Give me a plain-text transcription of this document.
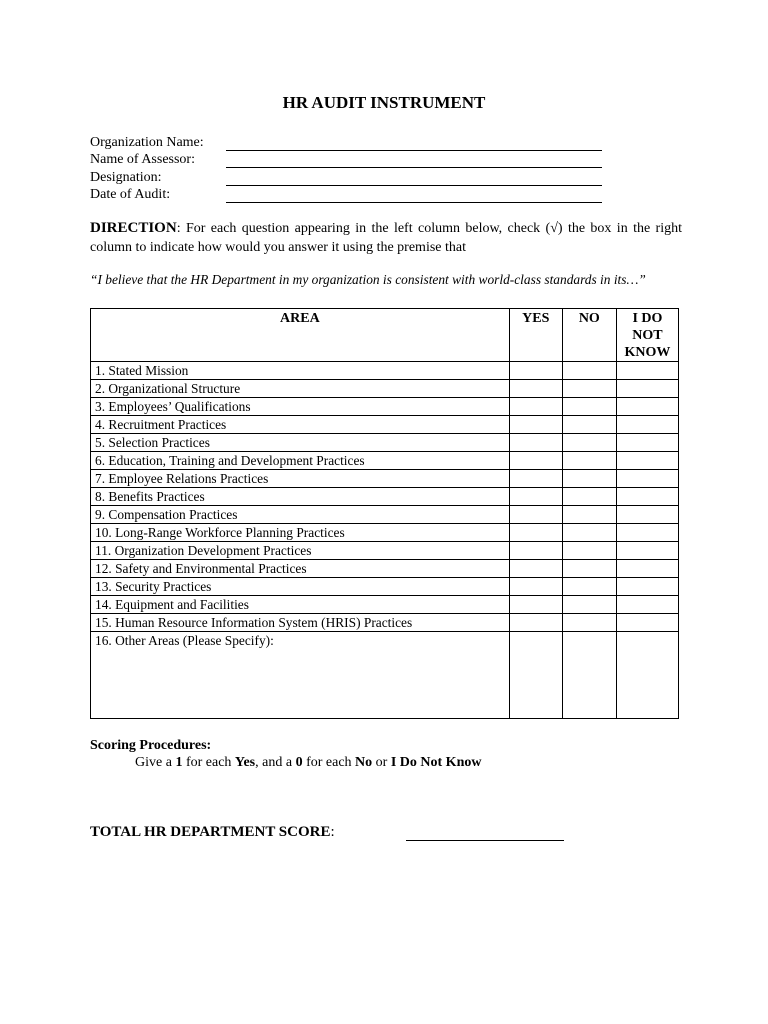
HR AUDIT INSTRUMENT
Organization Name:
Name of Assessor:
Designation:
Date of Audit:
DIRECTION: For each question appearing in the left column below, check (√) the box in the right column to indicate how would you answer it using the premise that
“I believe that the HR Department in my organization is consistent with world-class standards in its…”
AREA	YES	NO	I DO
NOT
KNOW

1. Stated Mission			
2. Organizational Structure			
3. Employees’ Qualifications			
4. Recruitment Practices			
5. Selection Practices			
6. Education, Training and Development Practices			
7. Employee Relations Practices			
8. Benefits Practices			
9. Compensation Practices			
10. Long-Range Workforce Planning Practices			
11. Organization Development Practices			
12. Safety and Environmental Practices			
13. Security Practices			
14. Equipment and Facilities			
15. Human Resource Information System (HRIS) Practices			
16. Other Areas (Please Specify):			
Scoring Procedures:
Give a 1 for each Yes, and a 0 for each No or I Do Not Know
TOTAL HR DEPARTMENT SCORE:
